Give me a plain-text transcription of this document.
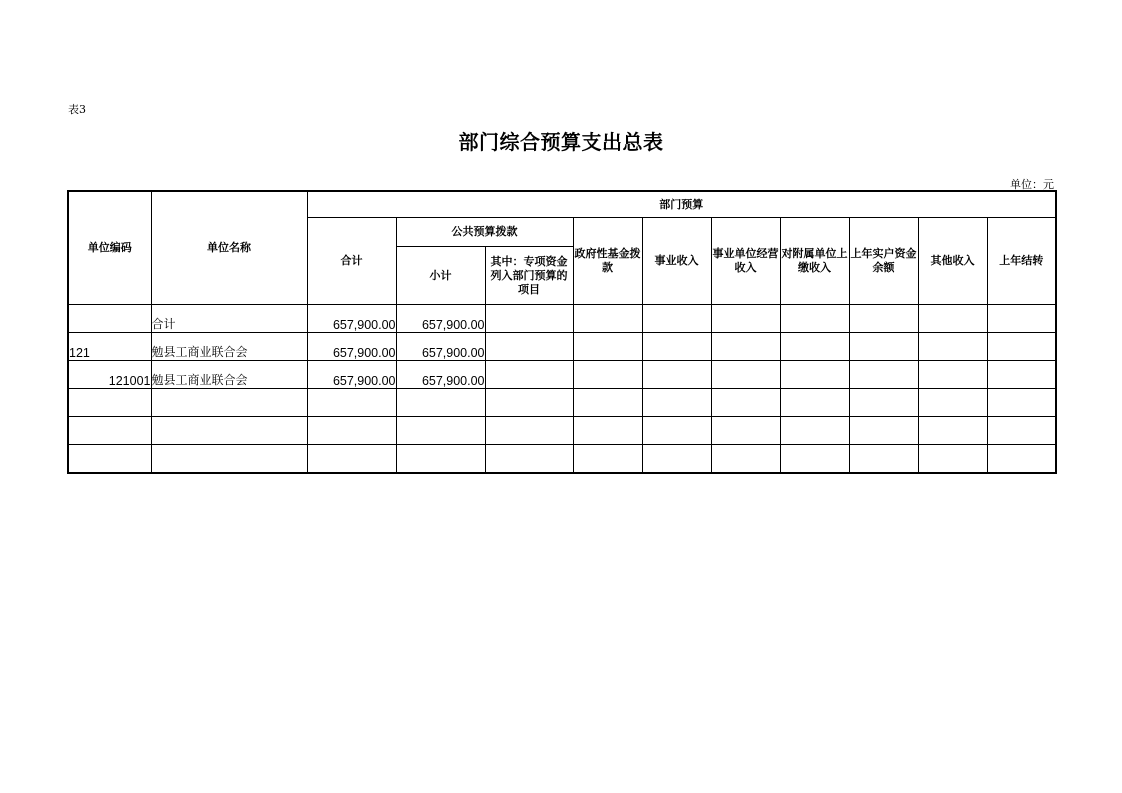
表3
部门综合预算支出总表
单位：元
单位编码	单位名称	部门预算									
		合计	公共预算拨款		政府性基金拨款	事业收入	事业单位经营收入	对附属单位上缴收入	上年实户资金余额	其他收入	上年结转
			小计	其中：专项资金列入部门预算的项目							
	合计	657,900.00	657,900.00								
121	勉县工商业联合会	657,900.00	657,900.00								
121001	勉县工商业联合会	657,900.00	657,900.00								
